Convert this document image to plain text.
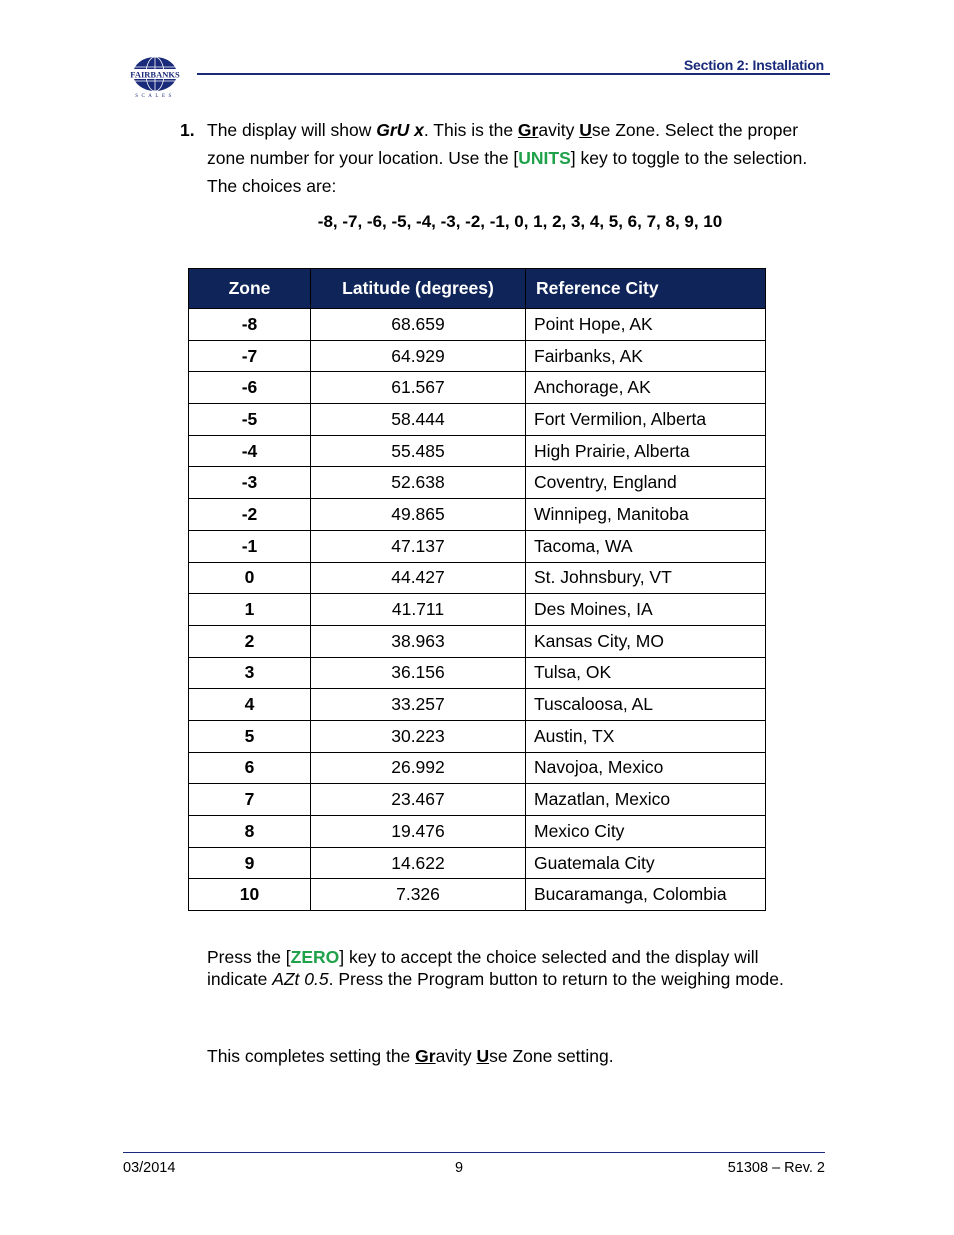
FAIRBANKS
SCALES
Section 2: Installation
1. The display will show GrU x. This is the Gravity Use Zone. Select the proper zone number for your location. Use the [UNITS] key to toggle to the selection. The choices are:
-8, -7, -6, -5, -4, -3, -2, -1, 0, 1, 2, 3, 4, 5, 6, 7, 8, 9, 10
Zone	Latitude (degrees)	Reference City
-8	68.659	Point Hope, AK
-7	64.929	Fairbanks, AK
-6	61.567	Anchorage, AK
-5	58.444	Fort Vermilion, Alberta
-4	55.485	High Prairie, Alberta
-3	52.638	Coventry, England
-2	49.865	Winnipeg, Manitoba
-1	47.137	Tacoma, WA
0	44.427	St. Johnsbury, VT
1	41.711	Des Moines, IA
2	38.963	Kansas City, MO
3	36.156	Tulsa, OK
4	33.257	Tuscaloosa, AL
5	30.223	Austin, TX
6	26.992	Navojoa, Mexico
7	23.467	Mazatlan, Mexico
8	19.476	Mexico City
9	14.622	Guatemala City
10	7.326	Bucaramanga, Colombia
Press the [ZERO] key to accept the choice selected and the display will indicate AZt 0.5. Press the Program button to return to the weighing mode.
This completes setting the Gravity Use Zone setting.
03/2014	9	51308 – Rev. 2
